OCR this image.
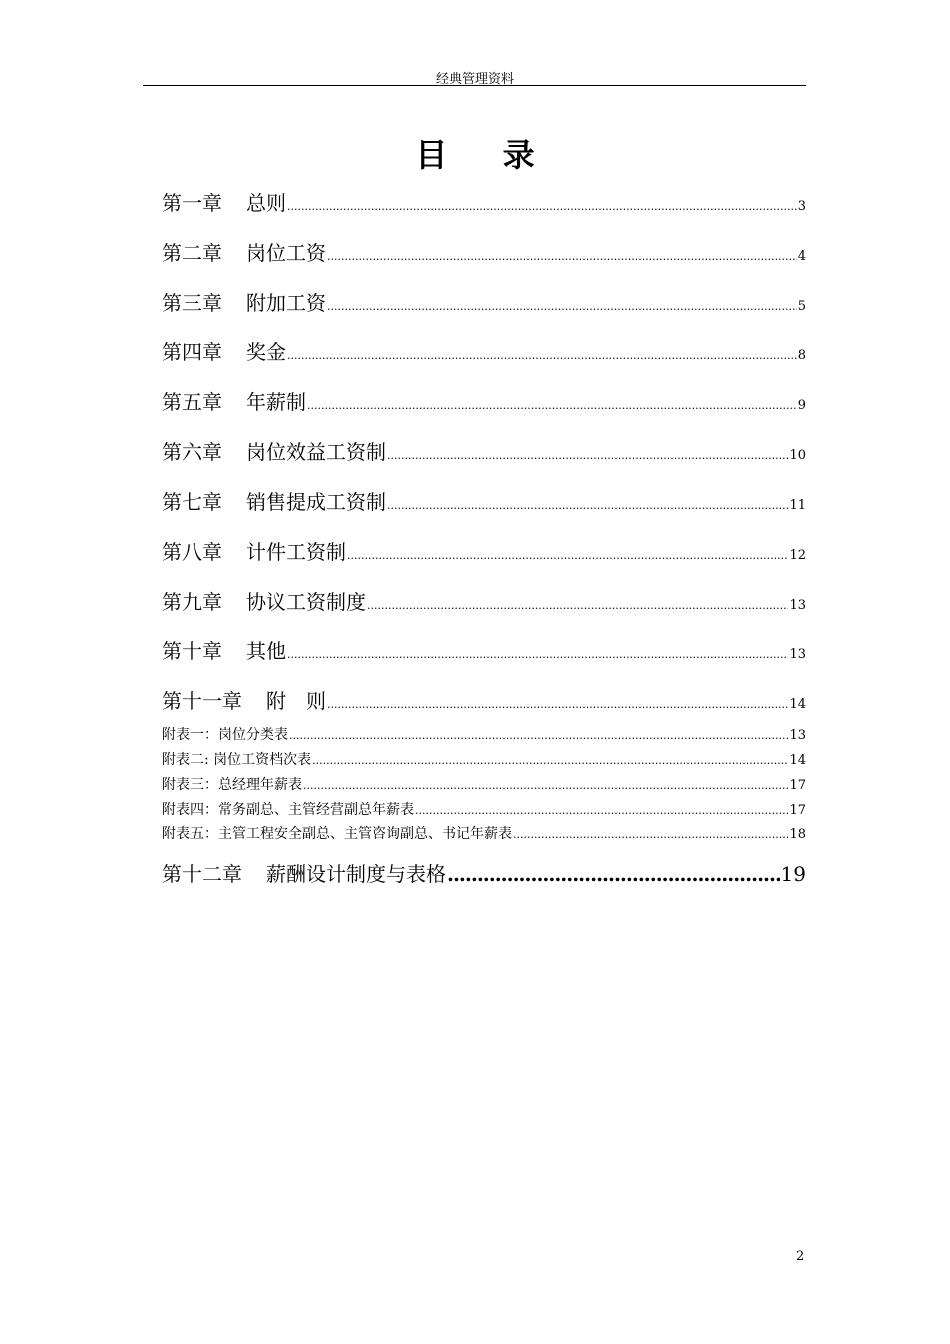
经典管理资料
目 录
第一章 总则 .....	3
第二章 岗位工资 .....	4
第三章 附加工资 .....	5
第四章 奖金 .....	8
第五章 年薪制 .....	9
第六章 岗位效益工资制 .....	10
第七章 销售提成工资制 .....	11
第八章 计件工资制 .....	12
第九章 协议工资制度 .....	13
第十章 其他 .....	13
第十一章 附　则 .....	14
附表一：岗位分类表 .....	13
附表二: 岗位工资档次表 .....	14
附表三：总经理年薪表 .....	17
附表四：常务副总、主管经营副总年薪表 .....	17
附表五：主管工程安全副总、主管咨询副总、书记年薪表 .....	18
第十二章 薪酬设计制度与表格 .....	19
2
